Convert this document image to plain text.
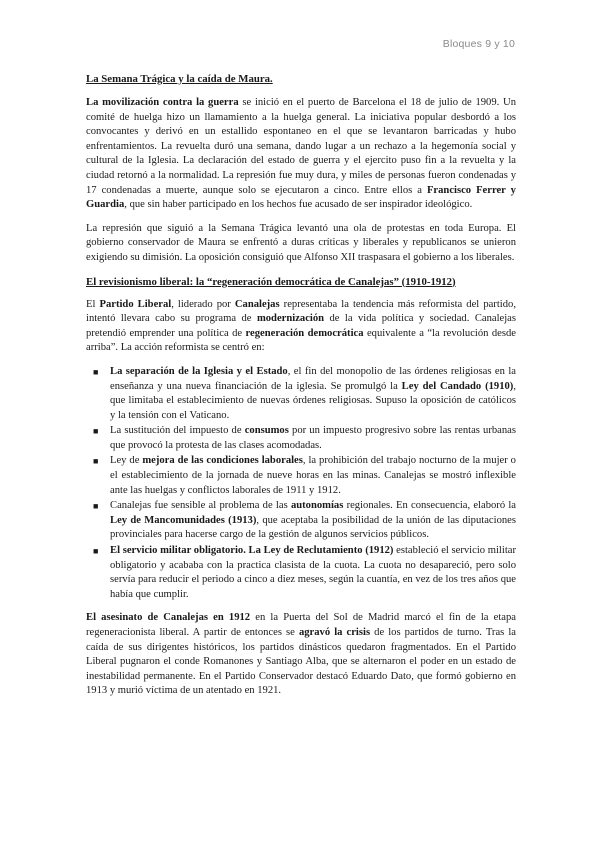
Bloques 9 y 10
La Semana Trágica y la caída de Maura.

La movilización contra la guerra se inició en el puerto de Barcelona el 18 de julio de 1909. Un comité de huelga hizo un llamamiento a la huelga general. La iniciativa popular desbordó a los convocantes y derivó en un estallido espontaneo en el que se levantaron barricadas y hubo enfrentamientos. La revuelta duró una semana, dando lugar a un rechazo a la hegemonía social y cultural de la Iglesia. La declaración del estado de guerra y el ejercito puso fin a la revuelta y la ciudad retornó a la normalidad. La represión fue muy dura, y miles de personas fueron condenadas y 17 condenadas a muerte, aunque solo se ejecutaron a cinco. Entre ellos a Francisco Ferrer y Guardia, que sin haber participado en los hechos fue acusado de ser inspirador ideológico.

La represión que siguió a la Semana Trágica levantó una ola de protestas en toda Europa. El gobierno conservador de Maura se enfrentó a duras críticas y liberales y republicanos se unieron exigiendo su dimisión. La oposición consiguió que Alfonso XII traspasara el gobierno a los liberales.

El revisionismo liberal: la “regeneración democrática de Canalejas” (1910-1912)

El Partido Liberal, liderado por Canalejas representaba la tendencia más reformista del partido, intentó llevara cabo su programa de modernización de la vida política y sociedad. Canalejas pretendió emprender una política de regeneración democrática equivalente a “la revolución desde arriba”. La acción reformista se centró en:

■ La separación de la Iglesia y el Estado, el fin del monopolio de las órdenes religiosas en la enseñanza y una nueva financiación de la iglesia. Se promulgó la Ley del Candado (1910), que limitaba el establecimiento de nuevas órdenes religiosas. Supuso la oposición de católicos y la tensión con el Vaticano.
■ La sustitución del impuesto de consumos por un impuesto progresivo sobre las rentas urbanas que provocó la protesta de las clases acomodadas.
■ Ley de mejora de las condiciones laborales, la prohibición del trabajo nocturno de la mujer o el establecimiento de la jornada de nueve horas en las minas. Canalejas se mostró inflexible ante las huelgas y conflictos laborales de 1911 y 1912.
■ Canalejas fue sensible al problema de las autonomías regionales. En consecuencia, elaboró la Ley de Mancomunidades (1913), que aceptaba la posibilidad de la unión de las diputaciones provinciales para hacerse cargo de la gestión de algunos servicios públicos.
■ El servicio militar obligatorio. La Ley de Reclutamiento (1912) estableció el servicio militar obligatorio y acababa con la practica clasista de la cuota. La cuota no desapareció, pero solo servía para reducir el periodo a cinco a diez meses, según la cuantía, en vez de los tres años que había que cumplir.

El asesinato de Canalejas en 1912 en la Puerta del Sol de Madrid marcó el fin de la etapa regeneracionista liberal. A partir de entonces se agravó la crisis de los partidos de turno. Tras la caída de sus dirigentes históricos, los partidos dinásticos quedaron fragmentados. En el Partido Liberal pugnaron el conde Romanones y Santiago Alba, que se alternaron el poder en un estado de inestabilidad permanente. En el Partido Conservador destacó Eduardo Dato, que formó gobierno en 1913 y murió víctima de un atentado en 1921.
